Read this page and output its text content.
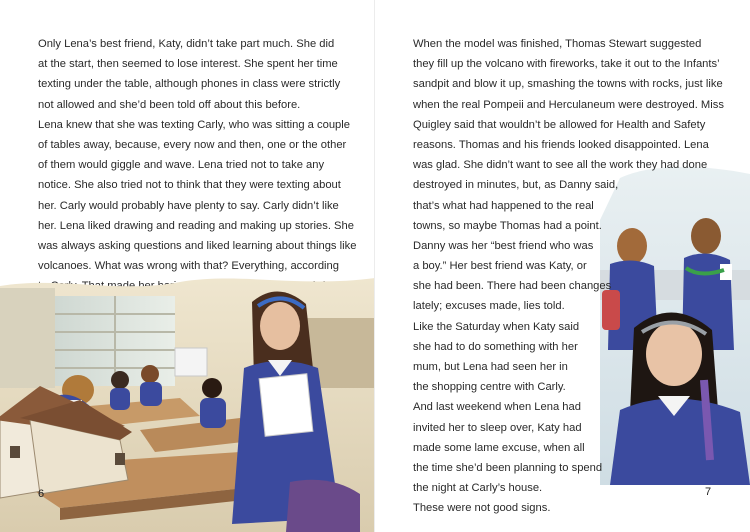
Only Lena’s best friend, Katy, didn’t take part much. She did
at the start, then seemed to lose interest. She spent her time
texting under the table, although phones in class were strictly
not allowed and she’d been told off about this before.
Lena knew that she was texting Carly, who was sitting a couple
of tables away, because, every now and then, one or the other
of them would giggle and wave. Lena tried not to take any
notice. She also tried not to think that they were texting about
her. Carly would probably have plenty to say. Carly didn’t like
her. Lena liked drawing and reading and making up stories. She
was always asking questions and liked learning about things like
volcanoes. What was wrong with that? Everything, according
6
When the model was finished, Thomas Stewart suggested
they fill up the volcano with fireworks, take it out to the Infants’
sandpit and blow it up, smashing the towns with rocks, just like
when the real Pompeii and Herculaneum were destroyed. Miss
Quigley said that wouldn’t be allowed for Health and Safety
reasons. Thomas and his friends looked disappointed. Lena
was glad. She didn’t want to see all the work they had done
destroyed in minutes, but, as Danny said,
that’s what had happened to the real
towns, so maybe Thomas had a point.
Danny was her “best friend who was
a boy.” Her best friend was Katy, or
she had been. There had been changes
lately; excuses made, lies told.
Like the Saturday when Katy said
she had to do something with her
mum, but Lena had seen her in
the shopping centre with Carly.
And last weekend when Lena had
invited her to sleep over, Katy had
made some lame excuse, when all
the time she’d been planning to spend
the night at Carly’s house.
These were not good signs.
7
